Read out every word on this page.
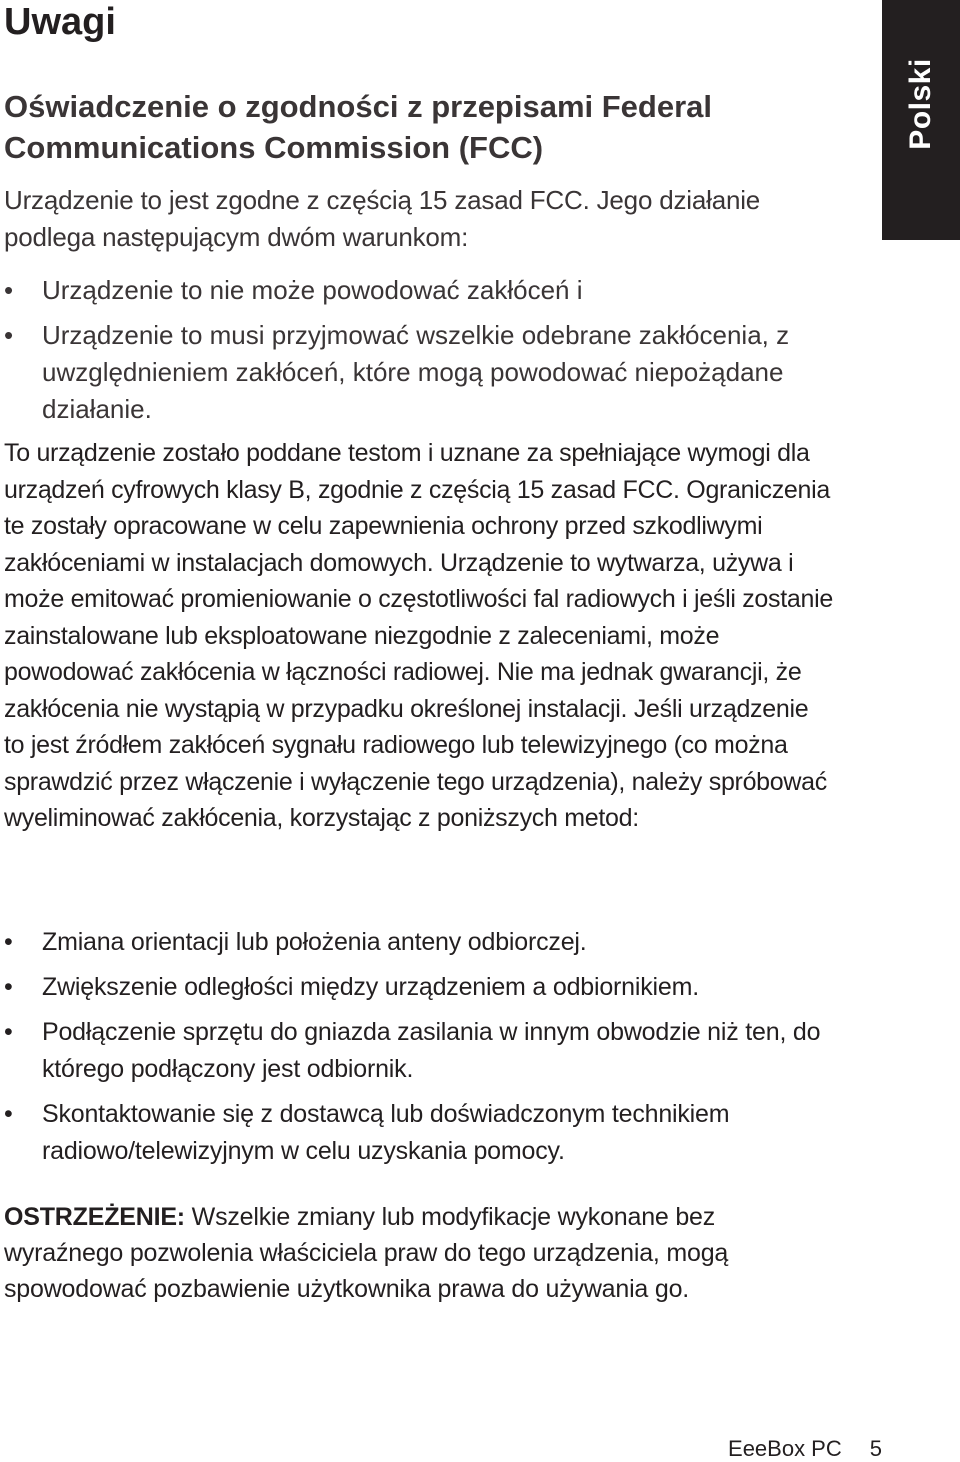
Uwagi
Polski
Oświadczenie o zgodności z przepisami Federal Communications Commission (FCC)

Urządzenie to jest zgodne z częścią 15 zasad FCC. Jego działanie podlega następującym dwóm warunkom:

•	Urządzenie to nie może powodować zakłóceń i
•	Urządzenie to musi przyjmować wszelkie odebrane zakłócenia, z uwzględnieniem zakłóceń, które mogą powodować niepożądane działanie.

To urządzenie zostało poddane testom i uznane za spełniające wymogi dla urządzeń cyfrowych klasy B, zgodnie z częścią 15 zasad FCC. Ograniczenia te zostały opracowane w celu zapewnienia ochrony przed szkodliwymi zakłóceniami w instalacjach domowych. Urządzenie to wytwarza, używa i może emitować promieniowanie o częstotliwości fal radiowych i jeśli zostanie zainstalowane lub eksploatowane niezgodnie z zaleceniami, może powodować zakłócenia w łączności radiowej. Nie ma jednak gwarancji, że zakłócenia nie wystąpią w przypadku określonej instalacji. Jeśli urządzenie to jest źródłem zakłóceń sygnału radiowego lub telewizyjnego (co można sprawdzić przez włączenie i wyłączenie tego urządzenia), należy spróbować wyeliminować zakłócenia, korzystając z poniższych metod:

•	Zmiana orientacji lub położenia anteny odbiorczej.
•	Zwiększenie odległości między urządzeniem a odbiornikiem.
•	Podłączenie sprzętu do gniazda zasilania w innym obwodzie niż ten, do którego podłączony jest odbiornik.
•	Skontaktowanie się z dostawcą lub doświadczonym technikiem radiowo/telewizyjnym w celu uzyskania pomocy.

OSTRZEŻENIE: Wszelkie zmiany lub modyfikacje wykonane bez wyraźnego pozwolenia właściciela praw do tego urządzenia, mogą spowodować pozbawienie użytkownika prawa do używania go.

EeeBox PC 5
